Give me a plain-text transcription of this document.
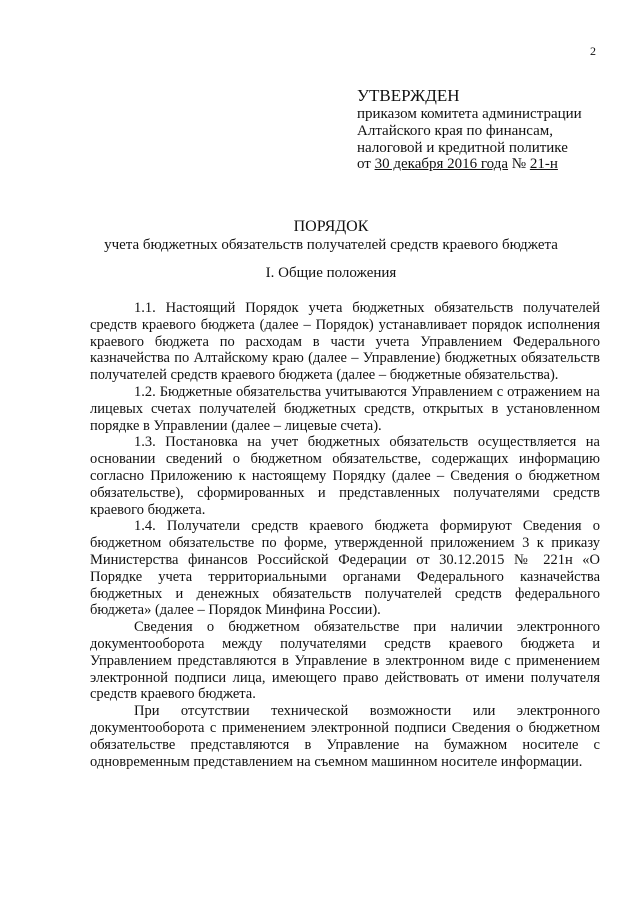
2
УТВЕРЖДЕН
приказом комитета администрации
Алтайского края по финансам,
налоговой и кредитной политике
от 30 декабря 2016 года № 21-н
ПОРЯДОК
учета бюджетных обязательств получателей средств краевого бюджета
I. Общие положения

1.1. Настоящий Порядок учета бюджетных обязательств получателей средств краевого бюджета (далее – Порядок) устанавливает порядок исполнения краевого бюджета по расходам в части учета Управлением Федерального казначейства по Алтайскому краю (далее – Управление) бюджетных обязательств получателей средств краевого бюджета (далее – бюджетные обязательства).

1.2. Бюджетные обязательства учитываются Управлением с отражением на лицевых счетах получателей бюджетных средств, открытых в установленном порядке в Управлении (далее – лицевые счета).

1.3. Постановка на учет бюджетных обязательств осуществляется на основании сведений о бюджетном обязательстве, содержащих информацию согласно Приложению к настоящему Порядку (далее – Сведения о бюджетном обязательстве), сформированных и представленных получателями средств краевого бюджета.

1.4. Получатели средств краевого бюджета формируют Сведения о бюджетном обязательстве по форме, утвержденной приложением 3 к приказу Министерства финансов Российской Федерации от 30.12.2015 № 221н «О Порядке учета территориальными органами Федерального казначейства бюджетных и денежных обязательств получателей средств федерального бюджета» (далее – Порядок Минфина России).

Сведения о бюджетном обязательстве при наличии электронного документооборота между получателями средств краевого бюджета и Управлением представляются в Управление в электронном виде с применением электронной подписи лица, имеющего право действовать от имени получателя средств краевого бюджета.

При отсутствии технической возможности или электронного документооборота с применением электронной подписи Сведения о бюджетном обязательстве представляются в Управление на бумажном носителе с одновременным представлением на съемном машинном носителе информации.
